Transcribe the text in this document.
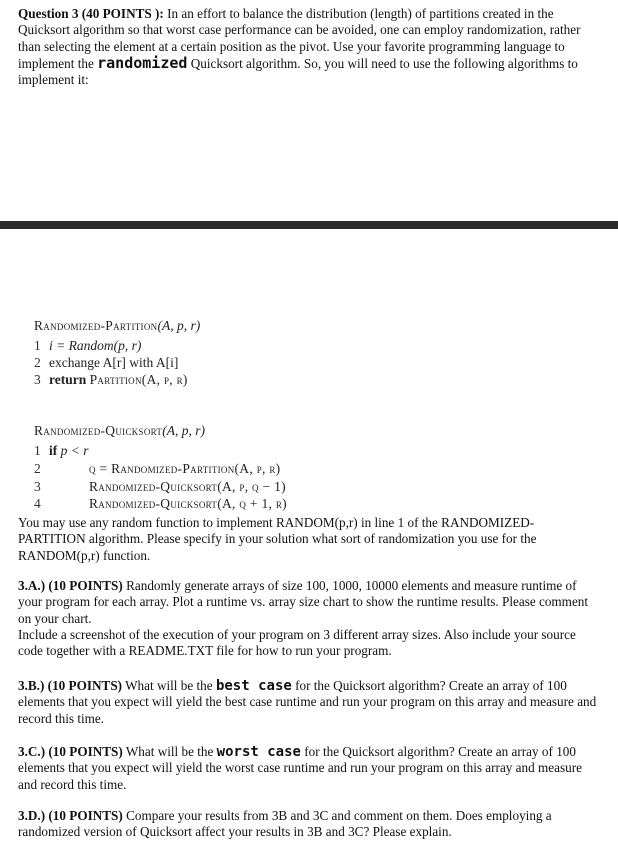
Question 3 (40 POINTS ): In an effort to balance the distribution (length) of partitions created in the Quicksort algorithm so that worst case performance can be avoided, one can employ randomization, rather than selecting the element at a certain position as the pivot. Use your favorite programming language to implement the randomized Quicksort algorithm. So, you will need to use the following algorithms to implement it:
Randomized-Partition(A, p, r)
1 i = Random(p, r)
2 exchange A[r] with A[i]
3 return Partition(A, p, r)
Randomized-Quicksort(A, p, r)
1 if p < r
2	q = Randomized-Partition(A, p, r)
3	Randomized-Quicksort(A, p, q − 1)
4	Randomized-Quicksort(A, q + 1, r)
You may use any random function to implement RANDOM(p,r) in line 1 of the RANDOMIZED-PARTITION algorithm. Please specify in your solution what sort of randomization you use for the RANDOM(p,r) function.
3.A.) (10 POINTS) Randomly generate arrays of size 100, 1000, 10000 elements and measure runtime of your program for each array. Plot a runtime vs. array size chart to show the runtime results. Please comment on your chart.
Include a screenshot of the execution of your program on 3 different array sizes. Also include your source code together with a README.TXT file for how to run your program.
3.B.) (10 POINTS) What will be the best case for the Quicksort algorithm? Create an array of 100 elements that you expect will yield the best case runtime and run your program on this array and measure and record this time.
3.C.) (10 POINTS) What will be the worst case for the Quicksort algorithm? Create an array of 100 elements that you expect will yield the worst case runtime and run your program on this array and measure and record this time.
3.D.) (10 POINTS) Compare your results from 3B and 3C and comment on them. Does employing a randomized version of Quicksort affect your results in 3B and 3C? Please explain.
